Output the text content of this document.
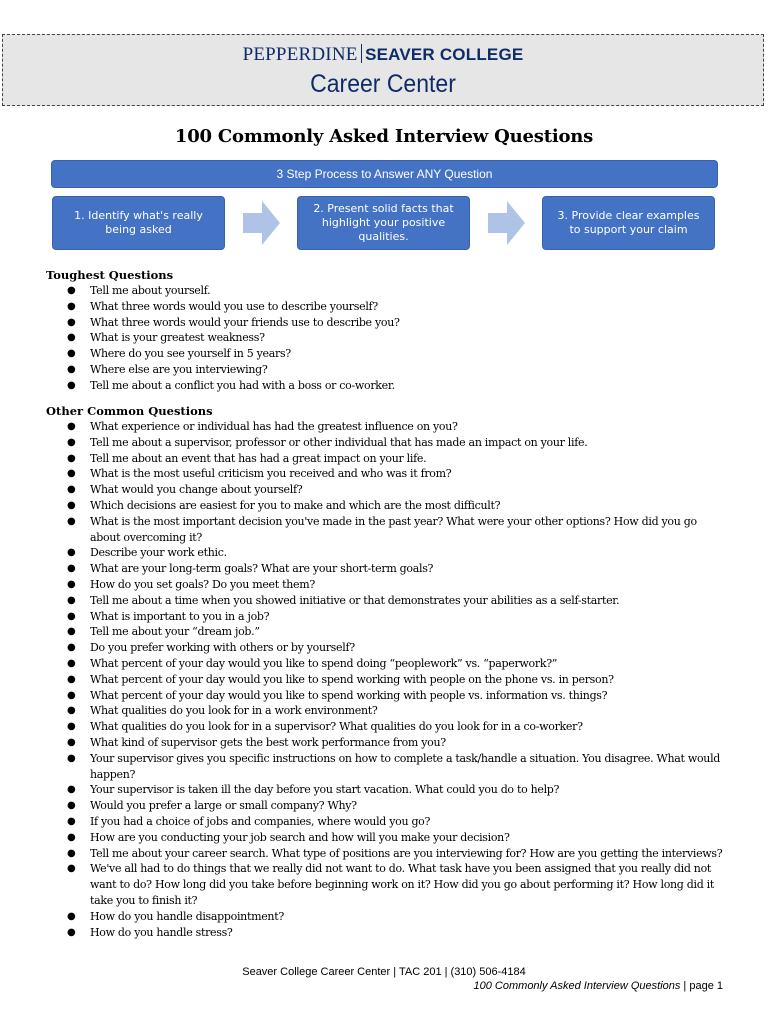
PEPPERDINE SEAVER COLLEGE
Career Center
100 Commonly Asked Interview Questions
3 Step Process to Answer ANY Question
1. Identify what's really being asked
2. Present solid facts that highlight your positive qualities.
3. Provide clear examples to support your claim
Toughest Questions
● Tell me about yourself.
● What three words would you use to describe yourself?
● What three words would your friends use to describe you?
● What is your greatest weakness?
● Where do you see yourself in 5 years?
● Where else are you interviewing?
● Tell me about a conflict you had with a boss or co-worker.
Other Common Questions
● What experience or individual has had the greatest influence on you?
● Tell me about a supervisor, professor or other individual that has made an impact on your life.
● Tell me about an event that has had a great impact on your life.
● What is the most useful criticism you received and who was it from?
● What would you change about yourself?
● Which decisions are easiest for you to make and which are the most difficult?
● What is the most important decision you've made in the past year? What were your other options? How did you go about overcoming it?
● Describe your work ethic.
● What are your long-term goals? What are your short-term goals?
● How do you set goals? Do you meet them?
● Tell me about a time when you showed initiative or that demonstrates your abilities as a self-starter.
● What is important to you in a job?
● Tell me about your “dream job.”
● Do you prefer working with others or by yourself?
● What percent of your day would you like to spend doing “peoplework” vs. “paperwork?”
● What percent of your day would you like to spend working with people on the phone vs. in person?
● What percent of your day would you like to spend working with people vs. information vs. things?
● What qualities do you look for in a work environment?
● What qualities do you look for in a supervisor? What qualities do you look for in a co-worker?
● What kind of supervisor gets the best work performance from you?
● Your supervisor gives you specific instructions on how to complete a task/handle a situation. You disagree. What would happen?
● Your supervisor is taken ill the day before you start vacation. What could you do to help?
● Would you prefer a large or small company? Why?
● If you had a choice of jobs and companies, where would you go?
● How are you conducting your job search and how will you make your decision?
● Tell me about your career search. What type of positions are you interviewing for? How are you getting the interviews?
● We've all had to do things that we really did not want to do. What task have you been assigned that you really did not want to do? How long did you take before beginning work on it? How did you go about performing it? How long did it take you to finish it?
● How do you handle disappointment?
● How do you handle stress?
Seaver College Career Center | TAC 201 | (310) 506-4184
100 Commonly Asked Interview Questions | page 1
